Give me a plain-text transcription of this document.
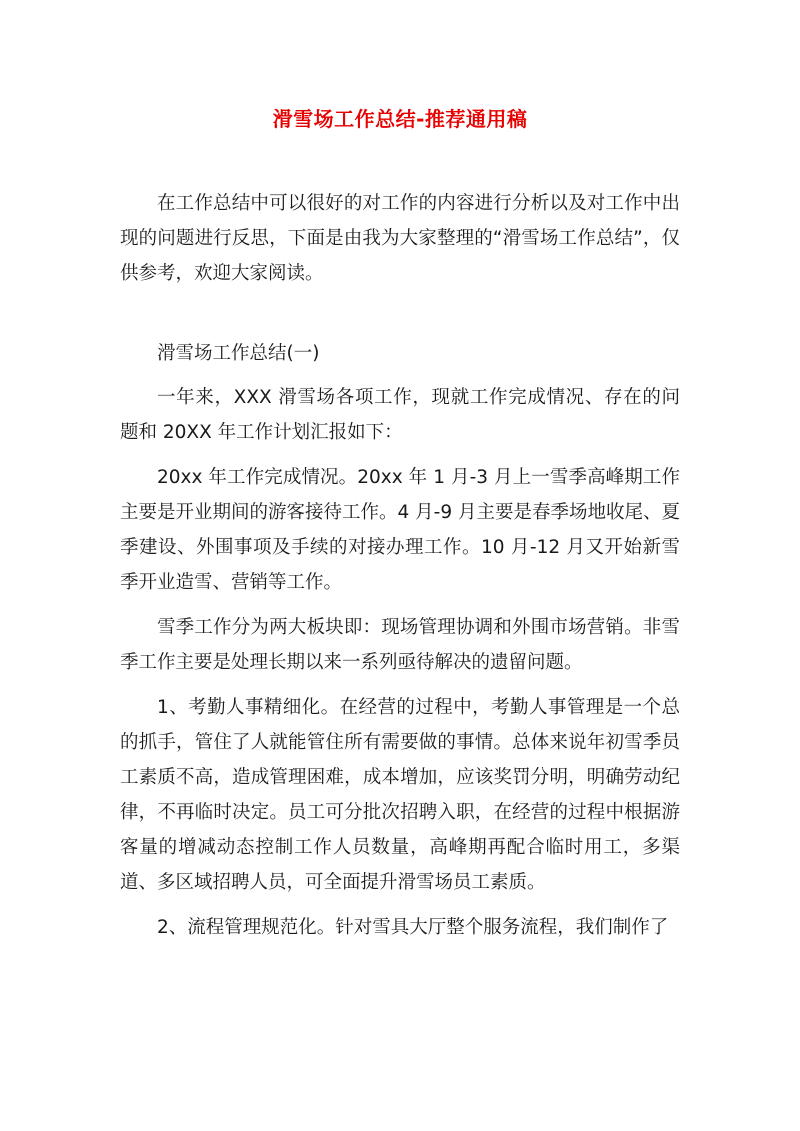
滑雪场工作总结-推荐通用稿

在工作总结中可以很好的对工作的内容进行分析以及对工作中出现的问题进行反思，下面是由我为大家整理的“滑雪场工作总结”，仅供参考，欢迎大家阅读。

滑雪场工作总结(一)

一年来，XXX 滑雪场各项工作，现就工作完成情况、存在的问题和 20XX 年工作计划汇报如下：

20xx 年工作完成情况。20xx 年 1 月-3 月上一雪季高峰期工作主要是开业期间的游客接待工作。4 月-9 月主要是春季场地收尾、夏季建设、外围事项及手续的对接办理工作。10 月-12 月又开始新雪季开业造雪、营销等工作。

雪季工作分为两大板块即：现场管理协调和外围市场营销。非雪季工作主要是处理长期以来一系列亟待解决的遗留问题。

1、考勤人事精细化。在经营的过程中，考勤人事管理是一个总的抓手，管住了人就能管住所有需要做的事情。总体来说年初雪季员工素质不高，造成管理困难，成本增加，应该奖罚分明，明确劳动纪律，不再临时决定。员工可分批次招聘入职，在经营的过程中根据游客量的增减动态控制工作人员数量，高峰期再配合临时用工，多渠道、多区域招聘人员，可全面提升滑雪场员工素质。

2、流程管理规范化。针对雪具大厅整个服务流程，我们制作了
